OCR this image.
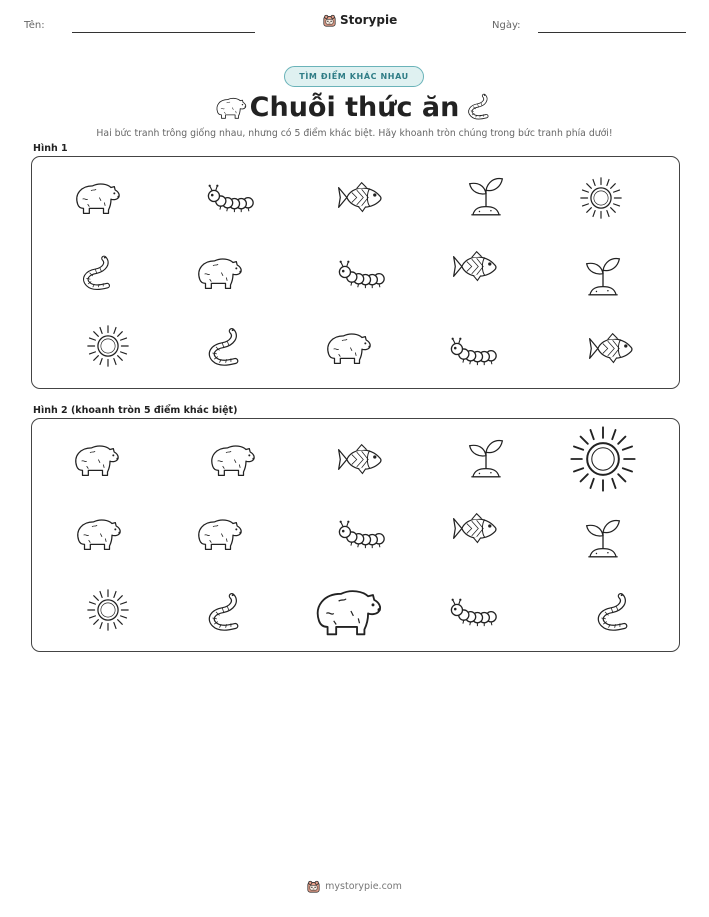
Tên:	Storypie	Ngày:
TÌM ĐIỂM KHÁC NHAU
Chuỗi thức ăn
Hai bức tranh trông giống nhau, nhưng có 5 điểm khác biệt. Hãy khoanh tròn chúng trong bức tranh phía dưới!
Hình 1
Hình 2 (khoanh tròn 5 điểm khác biệt)
mystorypie.com
